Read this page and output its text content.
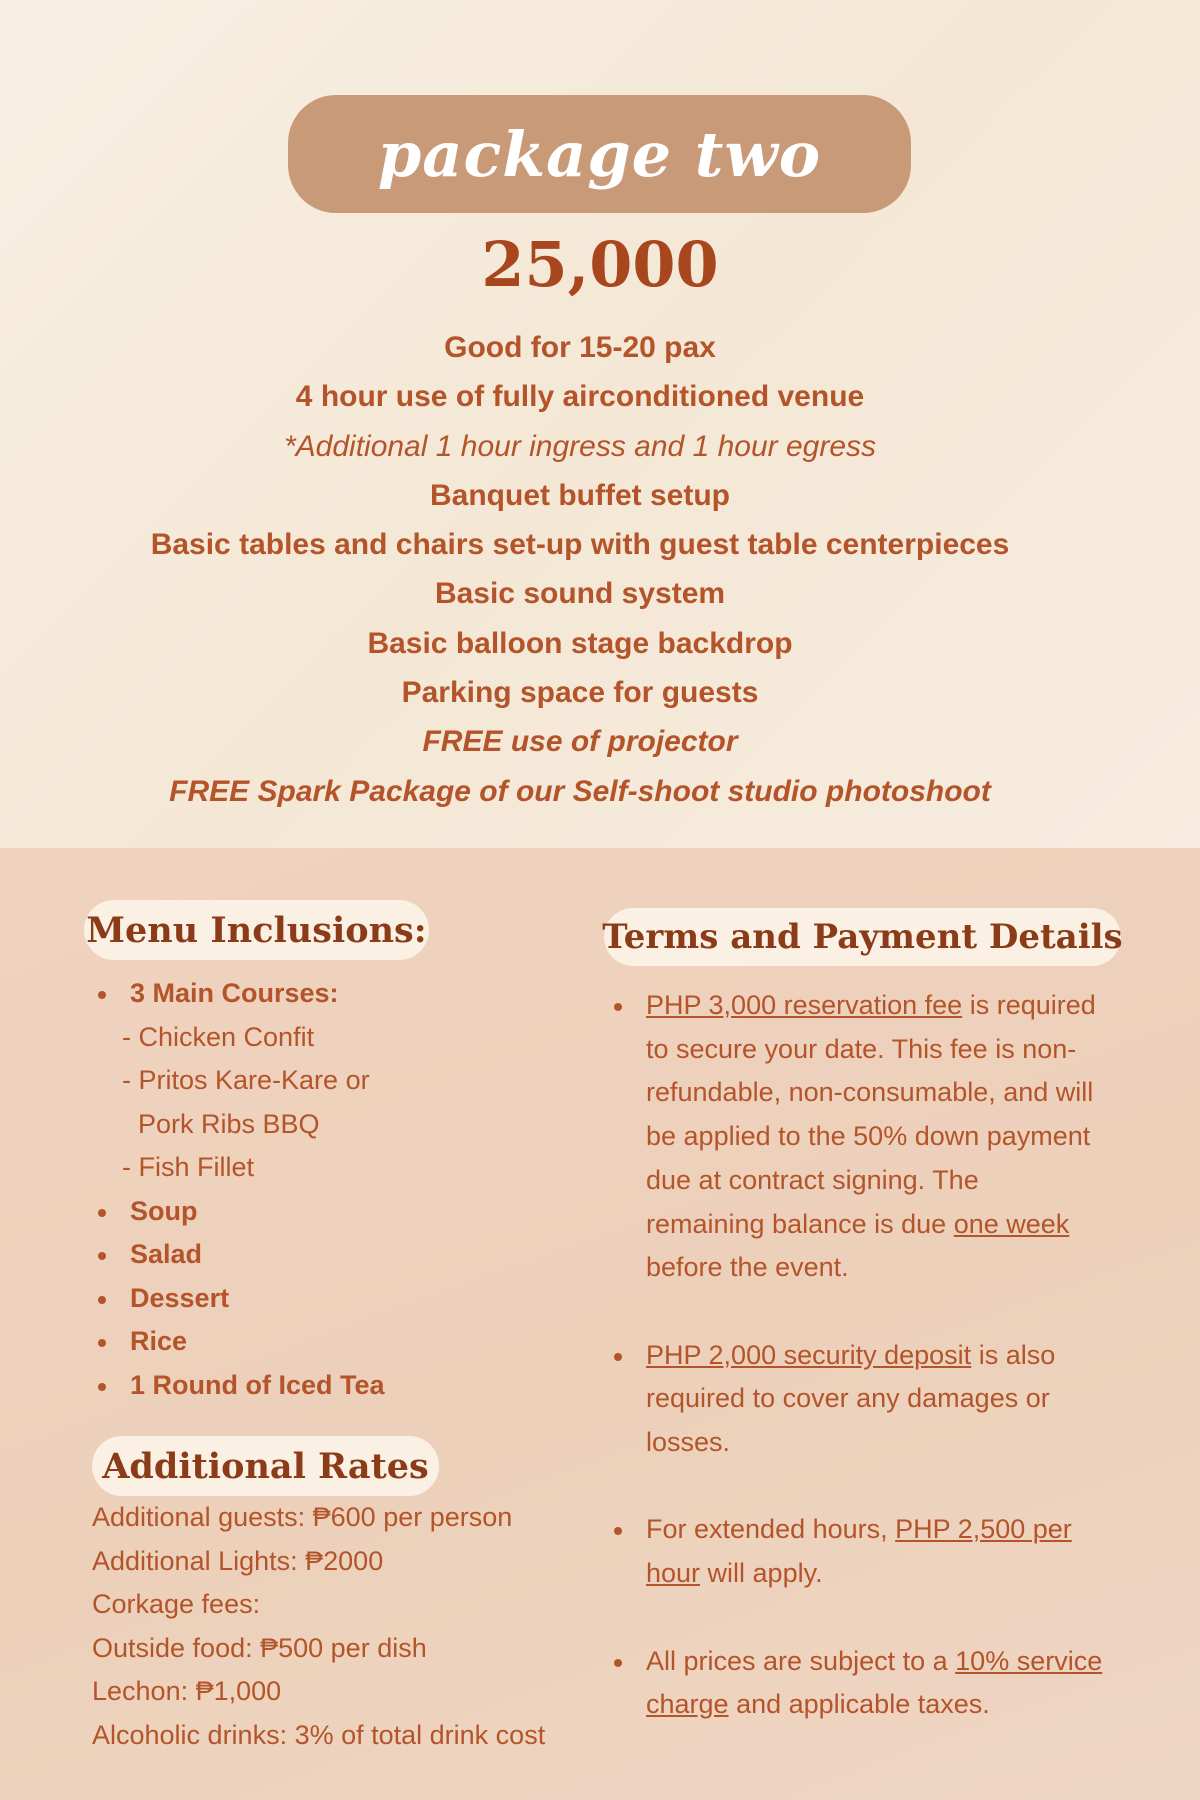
package two
25,000
Good for 15-20 pax
4 hour use of fully airconditioned venue
*Additional 1 hour ingress and 1 hour egress
Banquet buffet setup
Basic tables and chairs set-up with guest table centerpieces
Basic sound system
Basic balloon stage backdrop
Parking space for guests
FREE use of projector
FREE Spark Package of our Self-shoot studio photoshoot
Menu Inclusions:
3 Main Courses:
- Chicken Confit
- Pritos Kare-Kare or
Pork Ribs BBQ
- Fish Fillet
Soup
Salad
Dessert
Rice
1 Round of Iced Tea
Additional Rates
Additional guests: ₱600 per person
Additional Lights: ₱2000
Corkage fees:
Outside food: ₱500 per dish
Lechon: ₱1,000
Alcoholic drinks: 3% of total drink cost
Terms and Payment Details
PHP 3,000 reservation fee is required
to secure your date. This fee is non-
refundable, non-consumable, and will
be applied to the 50% down payment
due at contract signing. The
remaining balance is due one week
before the event.
PHP 2,000 security deposit is also
required to cover any damages or
losses.
For extended hours, PHP 2,500 per
hour will apply.
All prices are subject to a 10% service
charge and applicable taxes.
